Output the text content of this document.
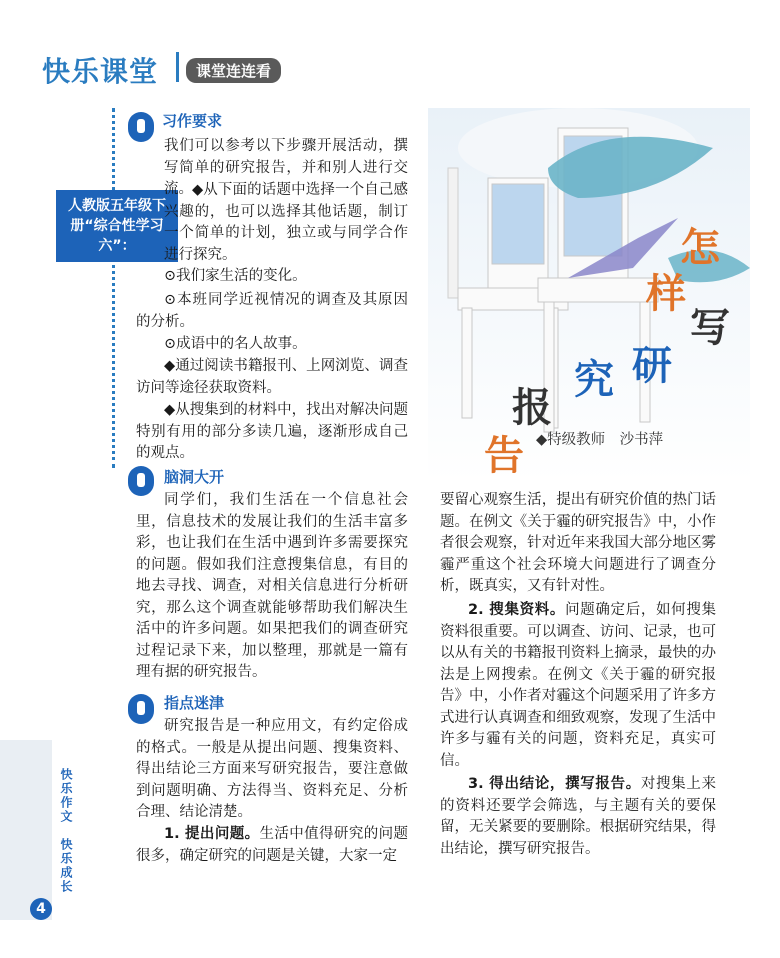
快乐课堂	课堂连连看
人教版五年级下册“综合性学习六”：
习作要求
我们可以参考以下步骤开展活动，撰写简单的研究报告，并和别人进行交流。 ◆从下面的话题中选择一个自己感兴趣的，也可以选择其他话题，制订一个简单的计划，独立或与同学合作进行探究。
⊙我们家生活的变化。
⊙本班同学近视情况的调查及其原因的分析。
⊙成语中的名人故事。
◆通过阅读书籍报刊、上网浏览、调查访问等途径获取资料。
◆从搜集到的材料中，找出对解决问题特别有用的部分多读几遍，逐渐形成自己的观点。
脑洞大开
同学们，我们生活在一个信息社会里，信息技术的发展让我们的生活丰富多彩，也让我们在生活中遇到许多需要探究的问题。假如我们注意搜集信息，有目的地去寻找、调查，对相关信息进行分析研究，那么这个调查就能够帮助我们解决生活中的许多问题。如果把我们的调查研究过程记录下来，加以整理，那就是一篇有理有据的研究报告。
指点迷津
研究报告是一种应用文，有约定俗成的格式。一般是从提出问题、搜集资料、得出结论三方面来写研究报告，要注意做到问题明确、方法得当、资料充足、分析合理、结论清楚。
1. 提出问题。生活中值得研究的问题很多，确定研究的问题是关键，大家一定
怎
样
写
研
究
报
告 ◆特级教师　沙书萍
要留心观察生活，提出有研究价值的热门话题。在例文《关于霾的研究报告》中，小作者很会观察，针对近年来我国大部分地区雾霾严重这个社会环境大问题进行了调查分析，既真实，又有针对性。
2. 搜集资料。问题确定后，如何搜集资料很重要。可以调查、访问、记录，也可以从有关的书籍报刊资料上摘录，最快的办法是上网搜索。在例文《关于霾的研究报告》中，小作者对霾这个问题采用了许多方式进行认真调查和细致观察，发现了生活中许多与霾有关的问题，资料充足，真实可信。
3. 得出结论，撰写报告。对搜集上来的资料还要学会筛选，与主题有关的要保留，无关紧要的要删除。根据研究结果，得出结论，撰写研究报告。
快乐作文　快乐成长
4
